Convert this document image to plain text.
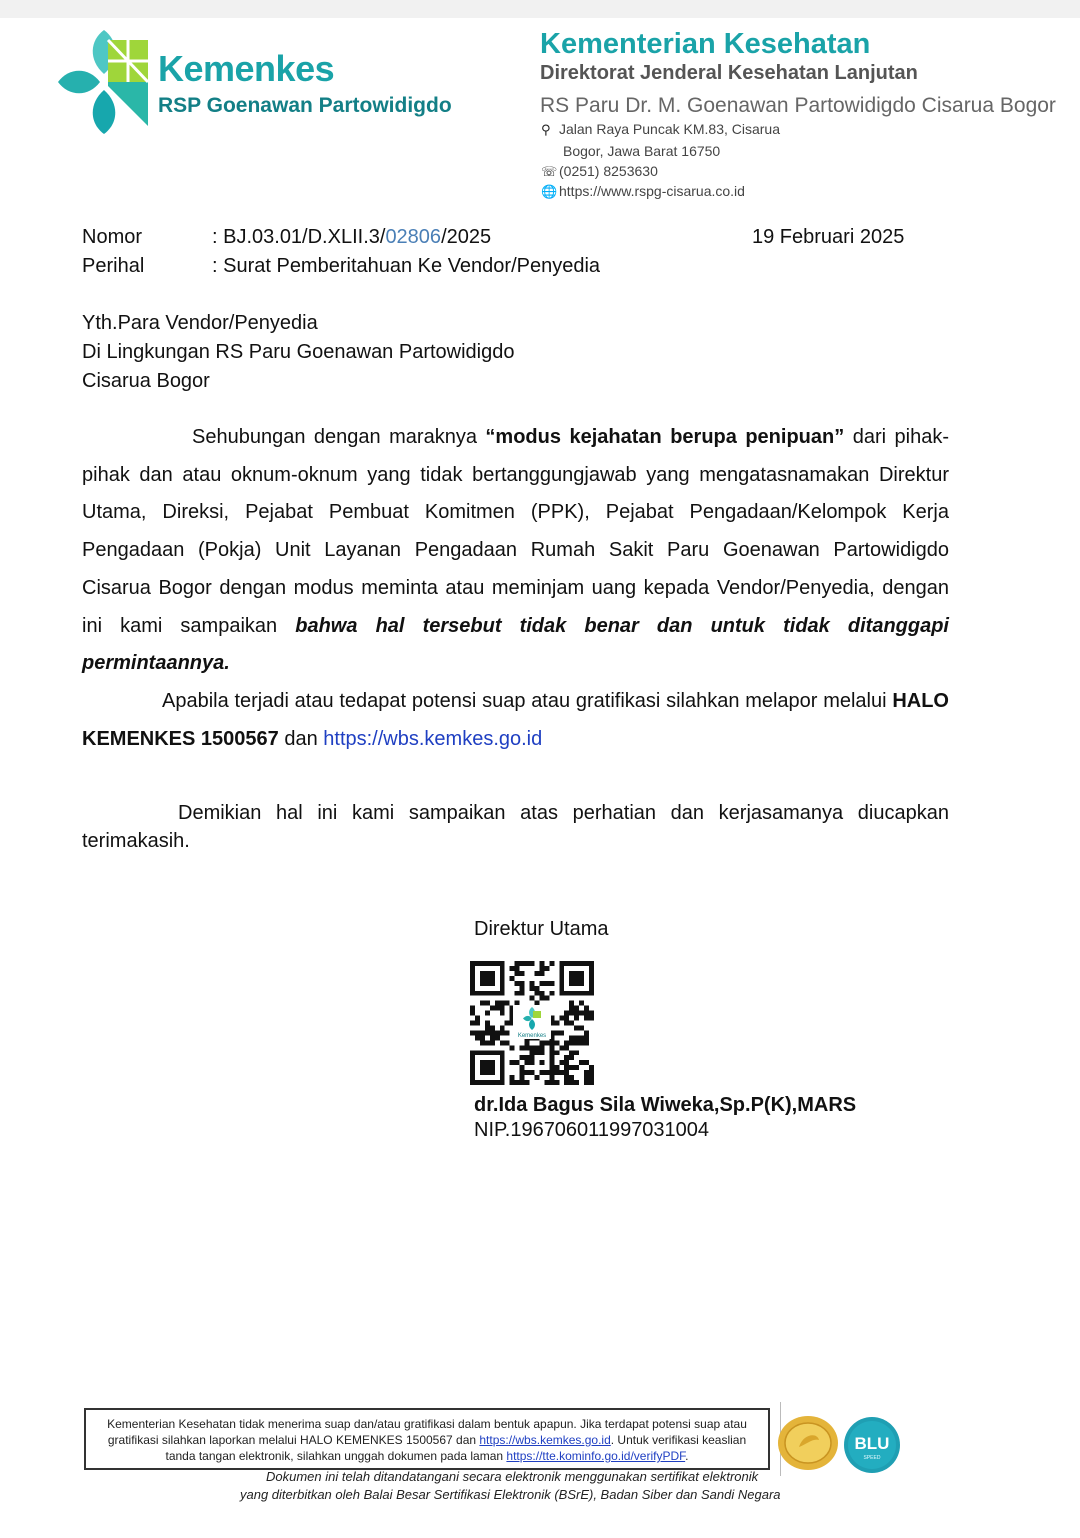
Kemenkes
RSP Goenawan Partowidigdo
Kementerian Kesehatan
Direktorat Jenderal Kesehatan Lanjutan
RS Paru Dr. M. Goenawan Partowidigdo Cisarua Bogor
⚲ Jalan Raya Puncak KM.83, Cisarua
Bogor, Jawa Barat 16750
☏ (0251) 8253630
🌐 https://www.rspg-cisarua.co.id
Nomor	: BJ.03.01/D.XLII.3/02806/2025	19 Februari 2025
Perihal	: Surat Pemberitahuan Ke Vendor/Penyedia
Yth.Para Vendor/Penyedia
Di Lingkungan RS Paru Goenawan Partowidigdo
Cisarua Bogor
Sehubungan dengan maraknya “modus kejahatan berupa penipuan” dari pihak-pihak dan atau oknum-oknum yang tidak bertanggungjawab yang mengatasnamakan Direktur Utama, Direksi, Pejabat Pembuat Komitmen (PPK), Pejabat Pengadaan/Kelompok Kerja Pengadaan (Pokja) Unit Layanan Pengadaan Rumah Sakit Paru Goenawan Partowidigdo Cisarua Bogor dengan modus meminta atau meminjam uang kepada Vendor/Penyedia, dengan ini kami sampaikan bahwa hal tersebut tidak benar dan untuk tidak ditanggapi permintaannya.
Apabila terjadi atau tedapat potensi suap atau gratifikasi silahkan melapor melalui HALO KEMENKES 1500567 dan https://wbs.kemkes.go.id
Demikian hal ini kami sampaikan atas perhatian dan kerjasamanya diucapkan terimakasih.
Direktur Utama
Kemenkes
dr.Ida Bagus Sila Wiweka,Sp.P(K),MARS
NIP.196706011997031004
Kementerian Kesehatan tidak menerima suap dan/atau gratifikasi dalam bentuk apapun. Jika terdapat potensi suap atau gratifikasi silahkan laporkan melalui HALO KEMENKES 1500567 dan https://wbs.kemkes.go.id. Untuk verifikasi keaslian tanda tangan elektronik, silahkan unggah dokumen pada laman https://tte.kominfo.go.id/verifyPDF.
BLU
SPEED
Dokumen ini telah ditandatangani secara elektronik menggunakan sertifikat elektronik
yang diterbitkan oleh Balai Besar Sertifikasi Elektronik (BSrE), Badan Siber dan Sandi Negara
